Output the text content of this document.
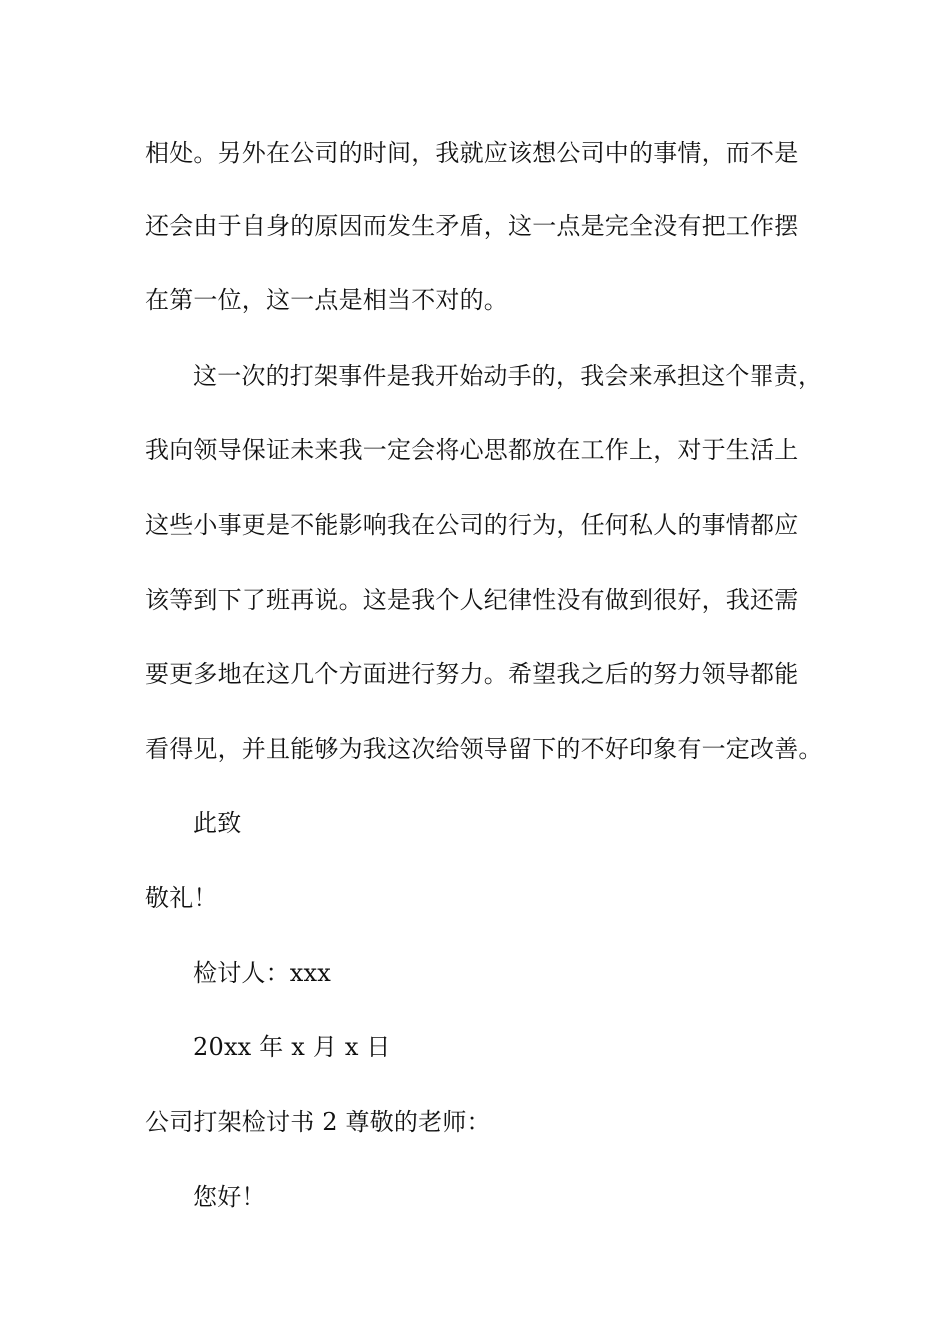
相处。另外在公司的时间，我就应该想公司中的事情，而不是
还会由于自身的原因而发生矛盾，这一点是完全没有把工作摆
在第一位，这一点是相当不对的。
这一次的打架事件是我开始动手的，我会来承担这个罪责，
我向领导保证未来我一定会将心思都放在工作上，对于生活上
这些小事更是不能影响我在公司的行为，任何私人的事情都应
该等到下了班再说。这是我个人纪律性没有做到很好，我还需
要更多地在这几个方面进行努力。希望我之后的努力领导都能
看得见，并且能够为我这次给领导留下的不好印象有一定改善。
此致
敬礼！
检讨人：xxx
20xx 年 x 月 x 日
公司打架检讨书 2 尊敬的老师：
您好！
